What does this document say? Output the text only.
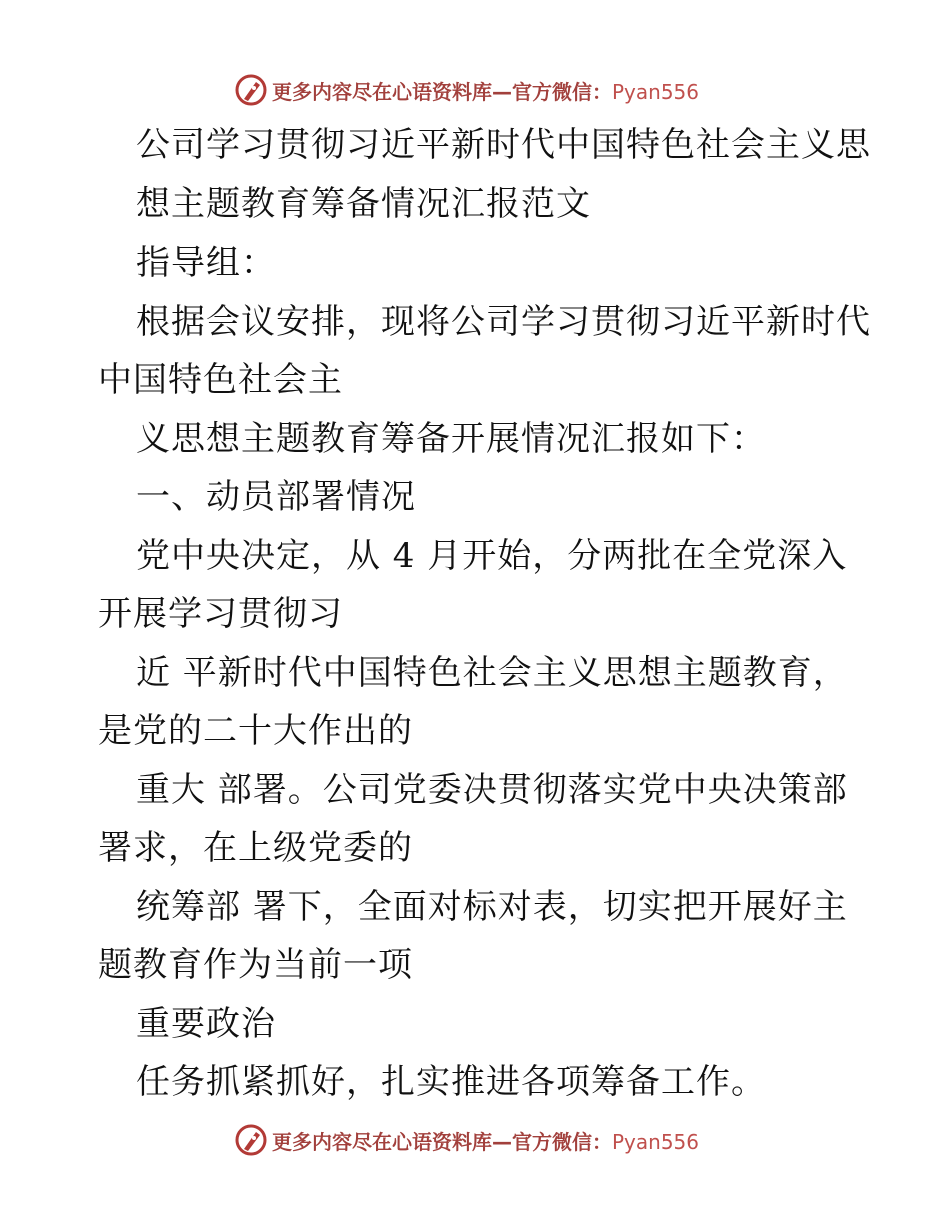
更多内容尽在心语资料库—官方微信：Pyan556
公司学习贯彻习近平新时代中国特色社会主义思
想主题教育筹备情况汇报范文
指导组：
根据会议安排，现将公司学习贯彻习近平新时代
中国特色社会主
义思想主题教育筹备开展情况汇报如下：
一、动员部署情况
党中央决定，从 4 月开始，分两批在全党深入
开展学习贯彻习
近 平新时代中国特色社会主义思想主题教育，
是党的二十大作出的
重大 部署。公司党委决贯彻落实党中央决策部
署求，在上级党委的
统筹部 署下，全面对标对表，切实把开展好主
题教育作为当前一项
重要政治
任务抓紧抓好，扎实推进各项筹备工作。
更多内容尽在心语资料库—官方微信：Pyan556
